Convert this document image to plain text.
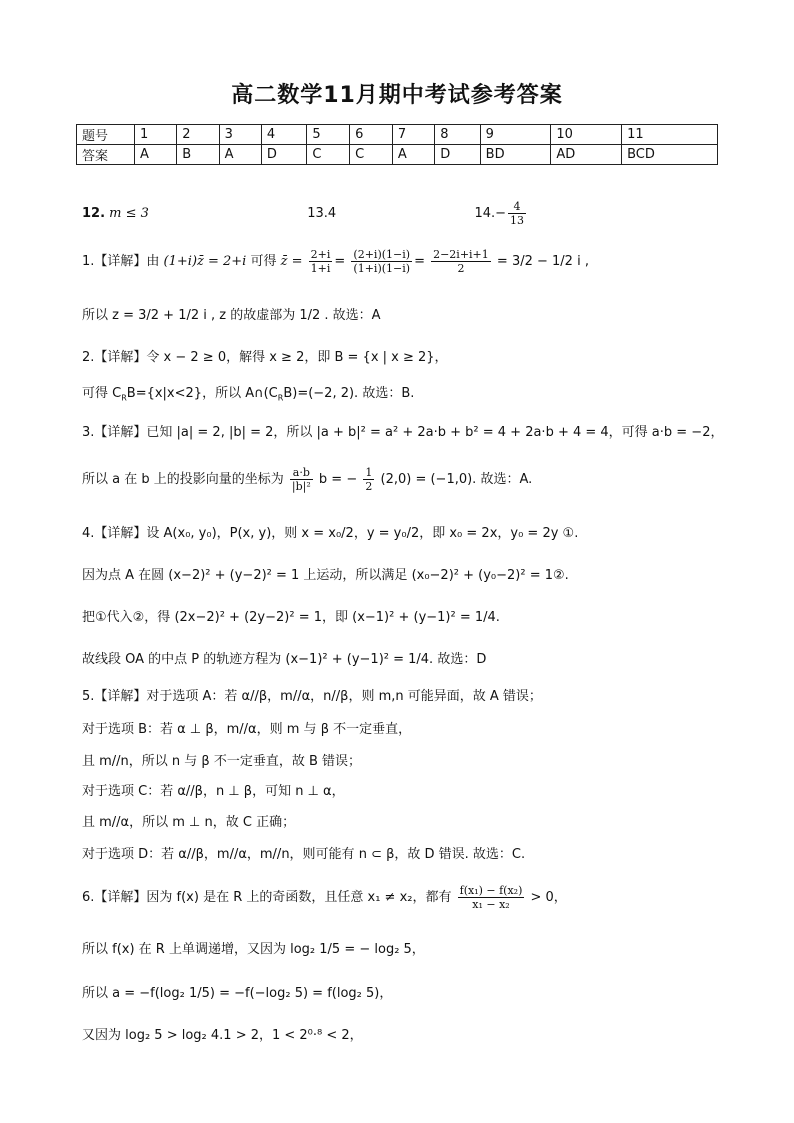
高二数学11月期中考试参考答案
题号	1	2	3	4	5	6	7	8	9	10	11
答案	A	B	A	D	C	C	A	D	BD	AD	BCD
12. m ≤ 3	13.4	$14.- \frac{4}{13}$
1.【详解】由 (1+i)z̄ = 2+i 可得 z̄ = $\frac{2+i}{1+i} = \frac{(2+i)(1-i)}{(1+i)(1-i)} = \frac{2-2i+i+1}{2} = 3/2 - 1/2$ i ,
所以 z = 3/2 + 1/2 i , z 的故虚部为 1/2 . 故选：A
2.【详解】令 x − 2 ≥ 0，解得 x ≥ 2，即 B = {x | x ≥ 2}，
可得 $C_RB=\{x|x<2\}$，所以 $A\cap(C_RB)=(-2$, 2). 故选：B.
3.【详解】已知 |a| = 2, |b| = 2，所以 |a + b|² = a² + 2a·b + b² = 4 + 2a·b + 4 = 4，可得 a·b = −2，
所以 a 在 b 上的投影向量的坐标为 $\frac{a\cdot b}{\text{|b|²}}$ b = − $\frac{1}{2} (2,0) = (-1,0)$. 故选：A.
4.【详解】设 A(x₀, y₀)，P(x, y)，则 x = x₀/2，y = y₀/2，即 x₀ = 2x，y₀ = 2y ①.
因为点 A 在圆 (x−2)² + (y−2)² = 1 上运动，所以满足 (x₀−2)² + (y₀−2)² = 1②.
把①代入②，得 (2x−2)² + (2y−2)² = 1，即 (x−1)² + (y−1)² = 1/4.
故线段 OA 的中点 P 的轨迹方程为 (x−1)² + (y−1)² = 1/4. 故选：D
5.【详解】对于选项 A：若 α//β，m//α，n//β，则 m,n 可能异面，故 A 错误；
对于选项 B：若 α ⊥ β，m//α，则 m 与 β 不一定垂直，
且 m//n，所以 n 与 β 不一定垂直，故 B 错误；
对于选项 C：若 α//β，n ⊥ β，可知 n ⊥ α，
且 m//α，所以 m ⊥ n，故 C 正确；
对于选项 D：若 α//β，m//α，m//n，则可能有 n ⊂ β，故 D 错误. 故选：C.
6.【详解】因为 f(x) 是在 R 上的奇函数，且任意 x₁ ≠ x₂，都有 $\frac{\text{f(x₁) − f(x₂)}}{\text{x₁ − x₂}} > 0$，
所以 f(x) 在 R 上单调递增，又因为 log₂ 1/5 = − log₂ 5，
所以 a = −f(log₂ 1/5) = −f(−log₂ 5) = f(log₂ 5)，
又因为 log₂ 5 > log₂ 4.1 > 2，1 < 2⁰·⁸ < 2，
